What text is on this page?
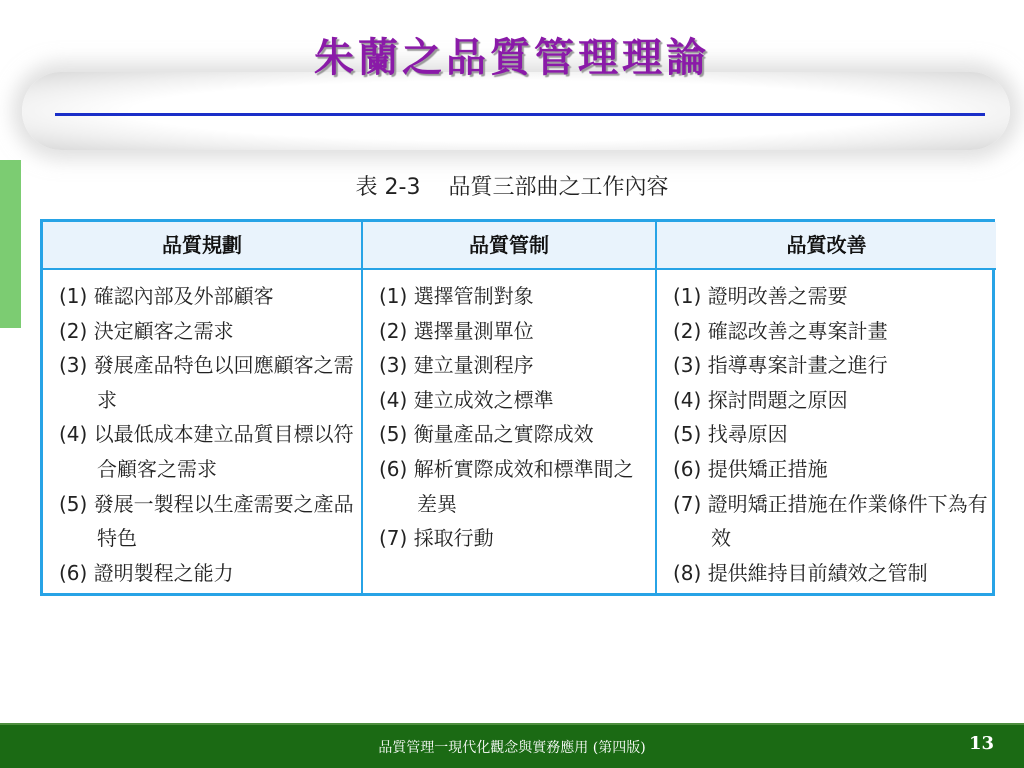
朱蘭之品質管理理論
表 2-3 品質三部曲之工作內容
品質規劃
(1) 確認內部及外部顧客
(2) 決定顧客之需求
(3) 發展產品特色以回應顧客之需求
(4) 以最低成本建立品質目標以符合顧客之需求
(5) 發展一製程以生產需要之產品特色
(6) 證明製程之能力
品質管制
(1) 選擇管制對象
(2) 選擇量測單位
(3) 建立量測程序
(4) 建立成效之標準
(5) 衡量產品之實際成效
(6) 解析實際成效和標準間之差異
(7) 採取行動
品質改善
(1) 證明改善之需要
(2) 確認改善之專案計畫
(3) 指導專案計畫之進行
(4) 探討問題之原因
(5) 找尋原因
(6) 提供矯正措施
(7) 證明矯正措施在作業條件下為有效
(8) 提供維持目前績效之管制
品質管理一現代化觀念與實務應用 (第四版)	13
